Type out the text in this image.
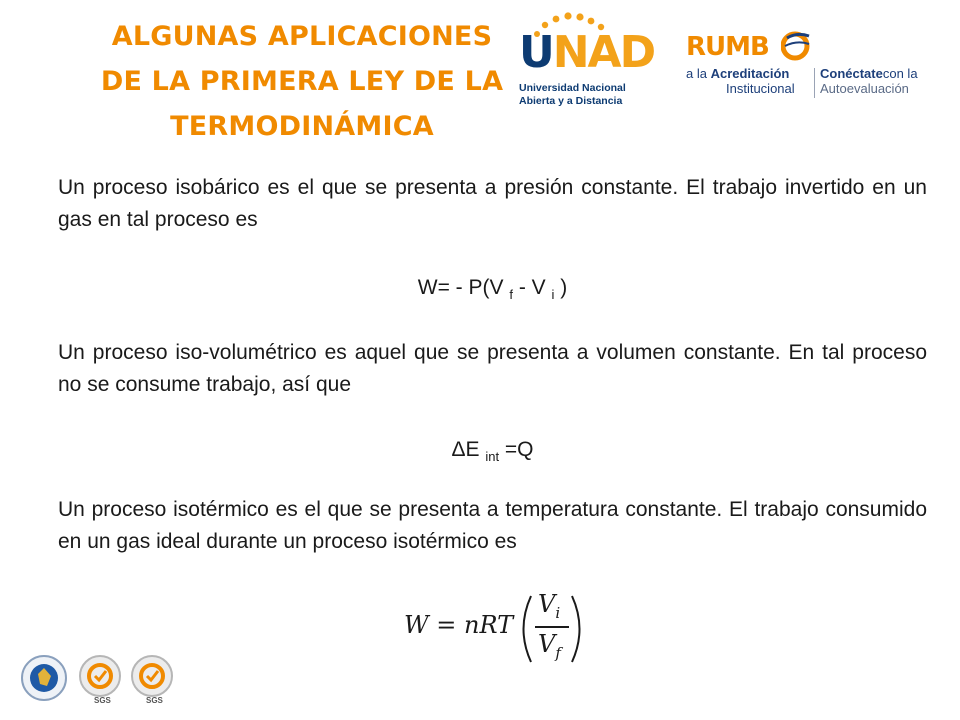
ALGUNAS APLICACIONES
DE LA PRIMERA LEY DE LA
TERMODINÁMICA
UNAD
Universidad Nacional
Abierta y a Distancia
RUMB
a la Acreditación
Institucional
Conéctatecon la
Autoevaluación

Un proceso isobárico es el que se presenta a presión constante. El trabajo invertido en un gas en tal proceso es

W= - P(V $_f$ - V $_i$ )

Un proceso iso-volumétrico es aquel que se presenta a volumen constante. En tal proceso no se consume trabajo, así que

ΔE $_{int}$ =Q

Un proceso isotérmico es el que se presenta a temperatura constante. El trabajo consumido en un gas ideal durante un proceso isotérmico es

W = nRT
$V_i$
$V_f$
SGS	SGS
